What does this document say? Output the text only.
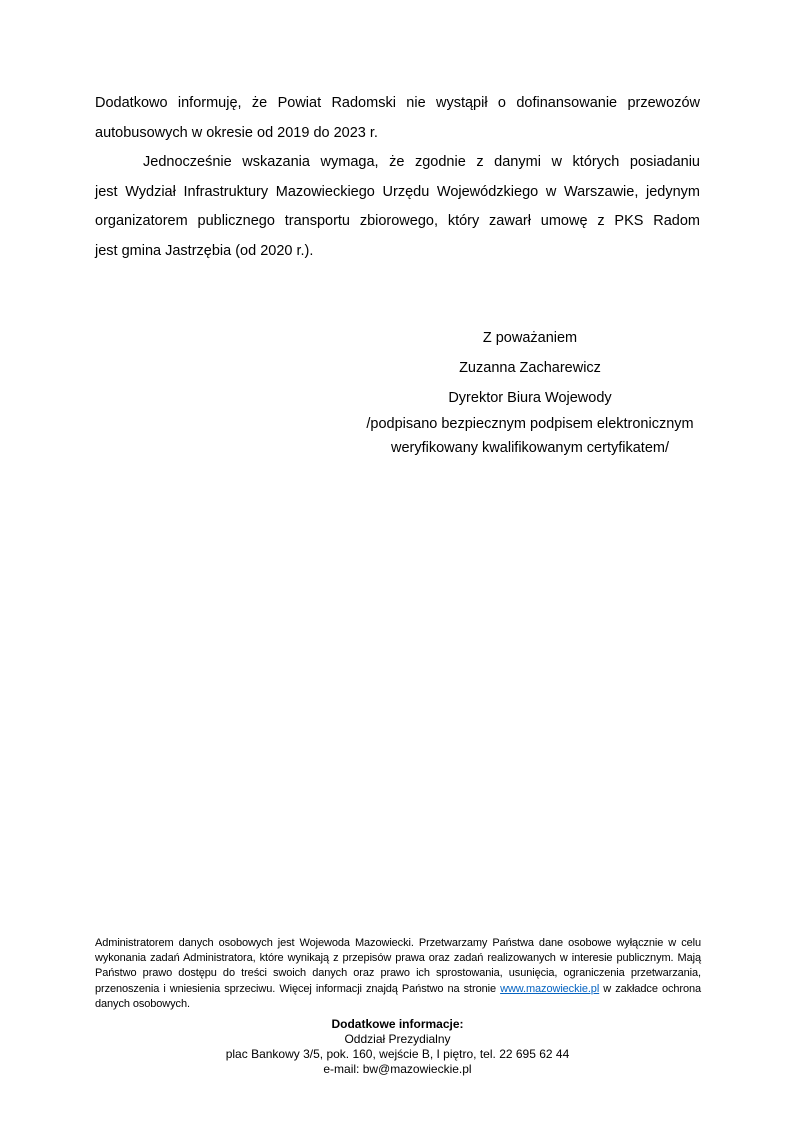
Dodatkowo informuję, że Powiat Radomski nie wystąpił o dofinansowanie przewozów
autobusowych w okresie od 2019 do 2023 r.
Jednocześnie wskazania wymaga, że zgodnie z danymi w których posiadaniu
jest Wydział Infrastruktury Mazowieckiego Urzędu Wojewódzkiego w Warszawie, jedynym
organizatorem publicznego transportu zbiorowego, który zawarł umowę z PKS Radom
jest gmina Jastrzębia (od 2020 r.).
Z poważaniem
Zuzanna Zacharewicz
Dyrektor Biura Wojewody
/podpisano bezpiecznym podpisem elektronicznym
weryfikowany kwalifikowanym certyfikatem/
Administratorem danych osobowych jest Wojewoda Mazowiecki. Przetwarzamy Państwa dane osobowe wyłącznie w celu
wykonania zadań Administratora, które wynikają z przepisów prawa oraz zadań realizowanych w interesie publicznym. Mają
Państwo prawo dostępu do treści swoich danych oraz prawo ich sprostowania, usunięcia, ograniczenia przetwarzania,
przenoszenia i wniesienia sprzeciwu. Więcej informacji znajdą Państwo na stronie www.mazowieckie.pl w zakładce ochrona
danych osobowych.
Dodatkowe informacje:
Oddział Prezydialny
plac Bankowy 3/5, pok. 160, wejście B, I piętro, tel. 22 695 62 44
e-mail: bw@mazowieckie.pl
